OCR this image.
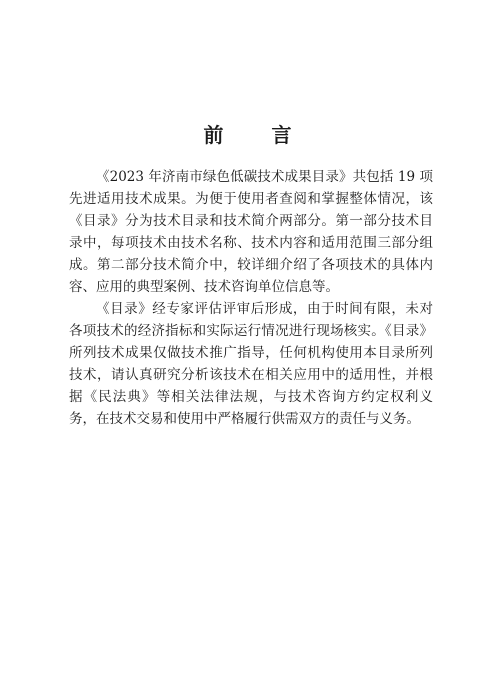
前　言

《2023 年济南市绿色低碳技术成果目录》共包括 19 项先进适用技术成果。为便于使用者查阅和掌握整体情况，该《目录》分为技术目录和技术简介两部分。第一部分技术目录中，每项技术由技术名称、技术内容和适用范围三部分组成。第二部分技术简介中，较详细介绍了各项技术的具体内容、应用的典型案例、技术咨询单位信息等。

《目录》经专家评估评审后形成，由于时间有限，未对各项技术的经济指标和实际运行情况进行现场核实。《目录》所列技术成果仅做技术推广指导，任何机构使用本目录所列技术，请认真研究分析该技术在相关应用中的适用性，并根据《民法典》等相关法律法规，与技术咨询方约定权利义务，在技术交易和使用中严格履行供需双方的责任与义务。
